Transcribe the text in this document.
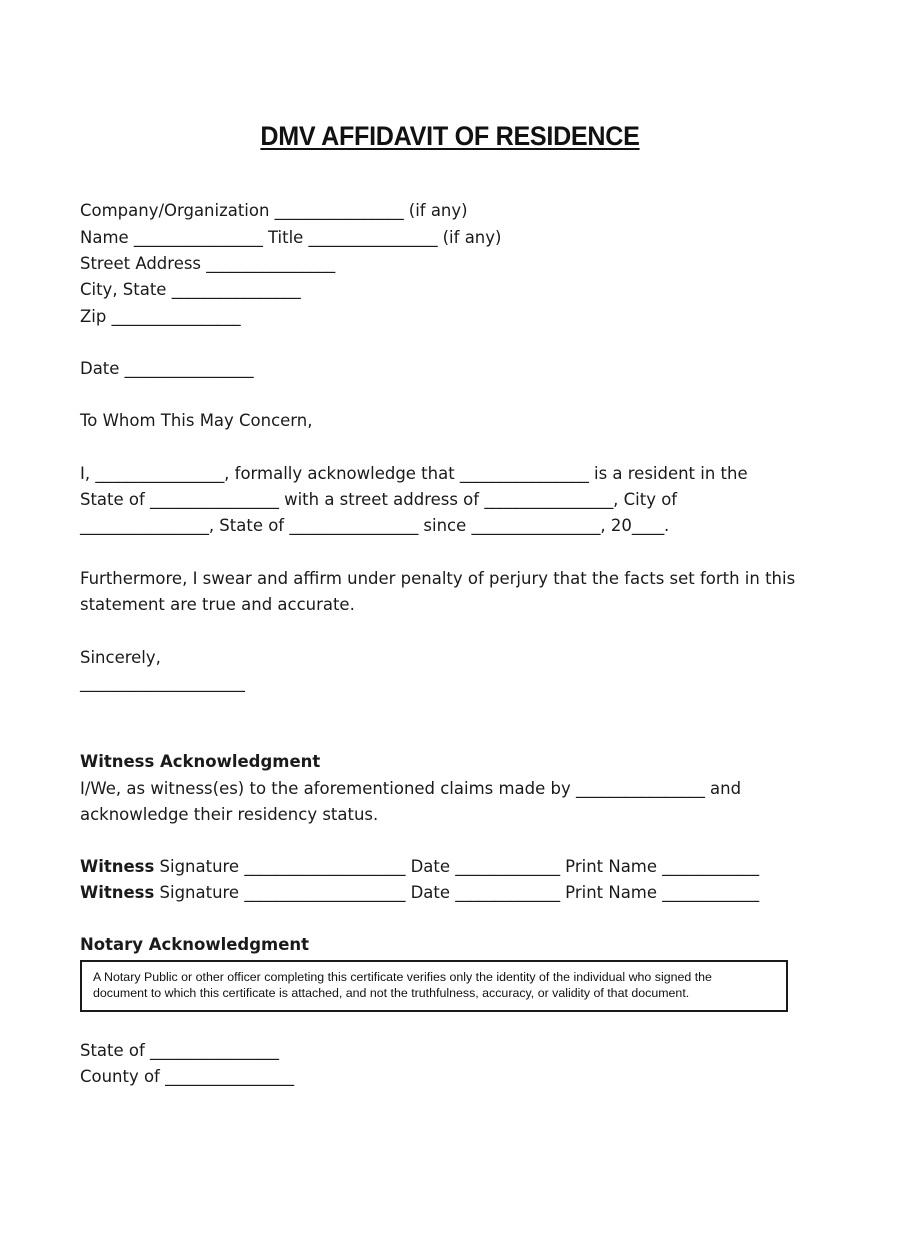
DMV AFFIDAVIT OF RESIDENCE
Company/Organization ________________ (if any)
Name ________________ Title ________________ (if any)
Street Address ________________
City, State ________________
Zip ________________
Date ________________
To Whom This May Concern,
I, ________________, formally acknowledge that ________________ is a resident in the
State of ________________ with a street address of ________________, City of
________________, State of ________________ since ________________, 20____.
Furthermore, I swear and affirm under penalty of perjury that the facts set forth in this
statement are true and accurate.
Sincerely,
____________________
Witness Acknowledgment
I/We, as witness(es) to the aforementioned claims made by ________________ and
acknowledge their residency status.
Witness Signature ____________________ Date _____________ Print Name ____________
Witness Signature ____________________ Date _____________ Print Name ____________
Notary Acknowledgment
A Notary Public or other officer completing this certificate verifies only the identity of the individual who signed the document to which this certificate is attached, and not the truthfulness, accuracy, or validity of that document.
State of ________________
County of ________________
